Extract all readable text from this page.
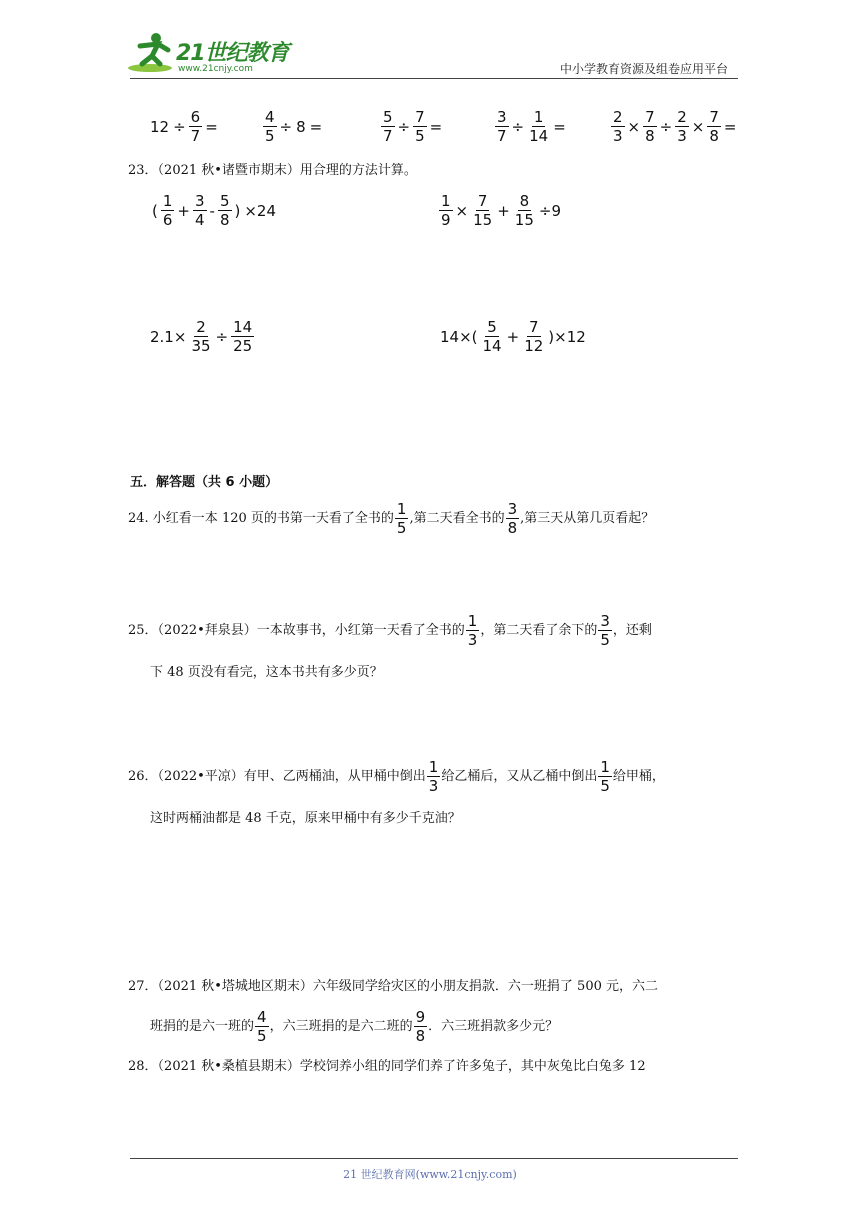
21世纪教育
www.21cnjy.com	中小学教育资源及组卷应用平台
$12 \div \frac{6}{7}$ =	$\frac{4}{5} \div 8$ =	$\frac{5}{7} \div \frac{7}{5}$ =	$\frac{3}{7} \div \frac{1}{14}$ =	$\frac{2}{3} \times \frac{7}{8} \div \frac{2}{3} \times \frac{7}{8}$ =
23．（2021 秋•诸暨市期末）用合理的方法计算。
( $\frac{1}{6} + \frac{3}{4} - \frac{5}{8}$ ) ×24	$\frac{1}{9} \times \frac{7}{15} + \frac{8}{15} \div 9$
$2.1\times \frac{2}{35} \div \frac{14}{25}$	$14\times( \frac{5}{14} + \frac{7}{12} )\times 12$
五．解答题（共 6 小题）
24. 小红看一本 120 页的书第一天看了全书的 $\frac{1}{5}$ ,第二天看全书的 $\frac{3}{8}$ ,第三天从第几页看起？
25．（2022•拜泉县）一本故事书，小红第一天看了全书的 $\frac{1}{3}$ ，第二天看了余下的 $\frac{3}{5}$ ，还剩
下 48 页没有看完，这本书共有多少页？
26．（2022•平凉）有甲、乙两桶油，从甲桶中倒出 $\frac{1}{3}$ 给乙桶后，又从乙桶中倒出 $\frac{1}{5}$ 给甲桶，
这时两桶油都是 48 千克，原来甲桶中有多少千克油？
27．（2021 秋•塔城地区期末）六年级同学给灾区的小朋友捐款．六一班捐了 500 元，六二
班捐的是六一班的 $\frac{4}{5}$ ，六三班捐的是六二班的 $\frac{9}{8}$ ．六三班捐款多少元？
28．（2021 秋•桑植县期末）学校饲养小组的同学们养了许多兔子，其中灰兔比白兔多 12
21 世纪教育网(www.21cnjy.com)
